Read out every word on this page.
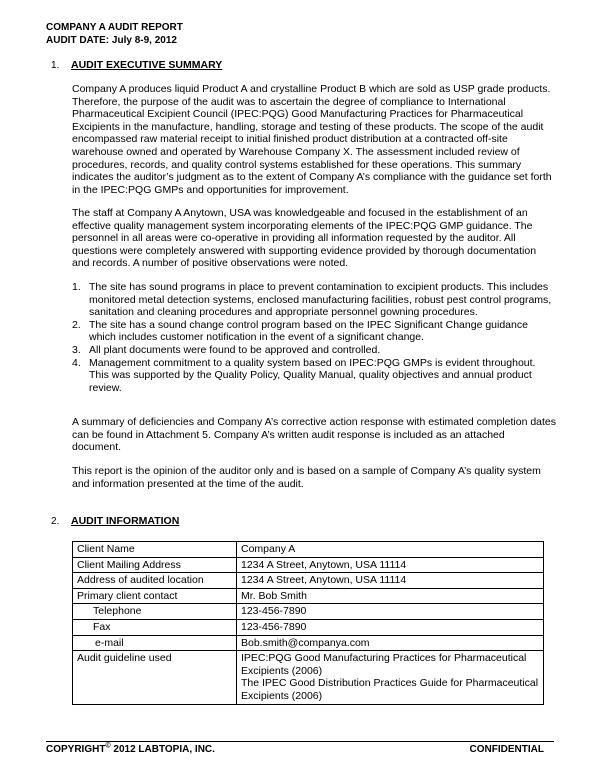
COMPANY A AUDIT REPORT
AUDIT DATE: July 8-9, 2012
1. AUDIT EXECUTIVE SUMMARY

Company A produces liquid Product A and crystalline Product B which are sold as USP grade products. Therefore, the purpose of the audit was to ascertain the degree of compliance to International Pharmaceutical Excipient Council (IPEC:PQG) Good Manufacturing Practices for Pharmaceutical Excipients in the manufacture, handling, storage and testing of these products. The scope of the audit encompassed raw material receipt to initial finished product distribution at a contracted off-site warehouse owned and operated by Warehouse Company X. The assessment included review of procedures, records, and quality control systems established for these operations. This summary indicates the auditor’s judgment as to the extent of Company A’s compliance with the guidance set forth in the IPEC:PQG GMPs and opportunities for improvement.

The staff at Company A Anytown, USA was knowledgeable and focused in the establishment of an effective quality management system incorporating elements of the IPEC:PQG GMP guidance. The personnel in all areas were co-operative in providing all information requested by the auditor. All questions were completely answered with supporting evidence provided by thorough documentation and records. A number of positive observations were noted.

1. The site has sound programs in place to prevent contamination to excipient products. This includes monitored metal detection systems, enclosed manufacturing facilities, robust pest control programs, sanitation and cleaning procedures and appropriate personnel gowning procedures.
2. The site has a sound change control program based on the IPEC Significant Change guidance which includes customer notification in the event of a significant change.
3. All plant documents were found to be approved and controlled.
4. Management commitment to a quality system based on IPEC:PQG GMPs is evident throughout. This was supported by the Quality Policy, Quality Manual, quality objectives and annual product review.

A summary of deficiencies and Company A’s corrective action response with estimated completion dates can be found in Attachment 5. Company A’s written audit response is included as an attached document.

This report is the opinion of the auditor only and is based on a sample of Company A’s quality system and information presented at the time of the audit.

2. AUDIT INFORMATION
Client Name	Company A
Client Mailing Address	1234 A Street, Anytown, USA 11114
Address of audited location	1234 A Street, Anytown, USA 11114
Primary client contact	Mr. Bob Smith
Telephone	123-456-7890
Fax	123-456-7890
e-mail	Bob.smith@companya.com
Audit guideline used	IPEC:PQG Good Manufacturing Practices for Pharmaceutical Excipients (2006)
The IPEC Good Distribution Practices Guide for Pharmaceutical Excipients (2006)
COPYRIGHT© 2012 LABTOPIA, INC.	CONFIDENTIAL
